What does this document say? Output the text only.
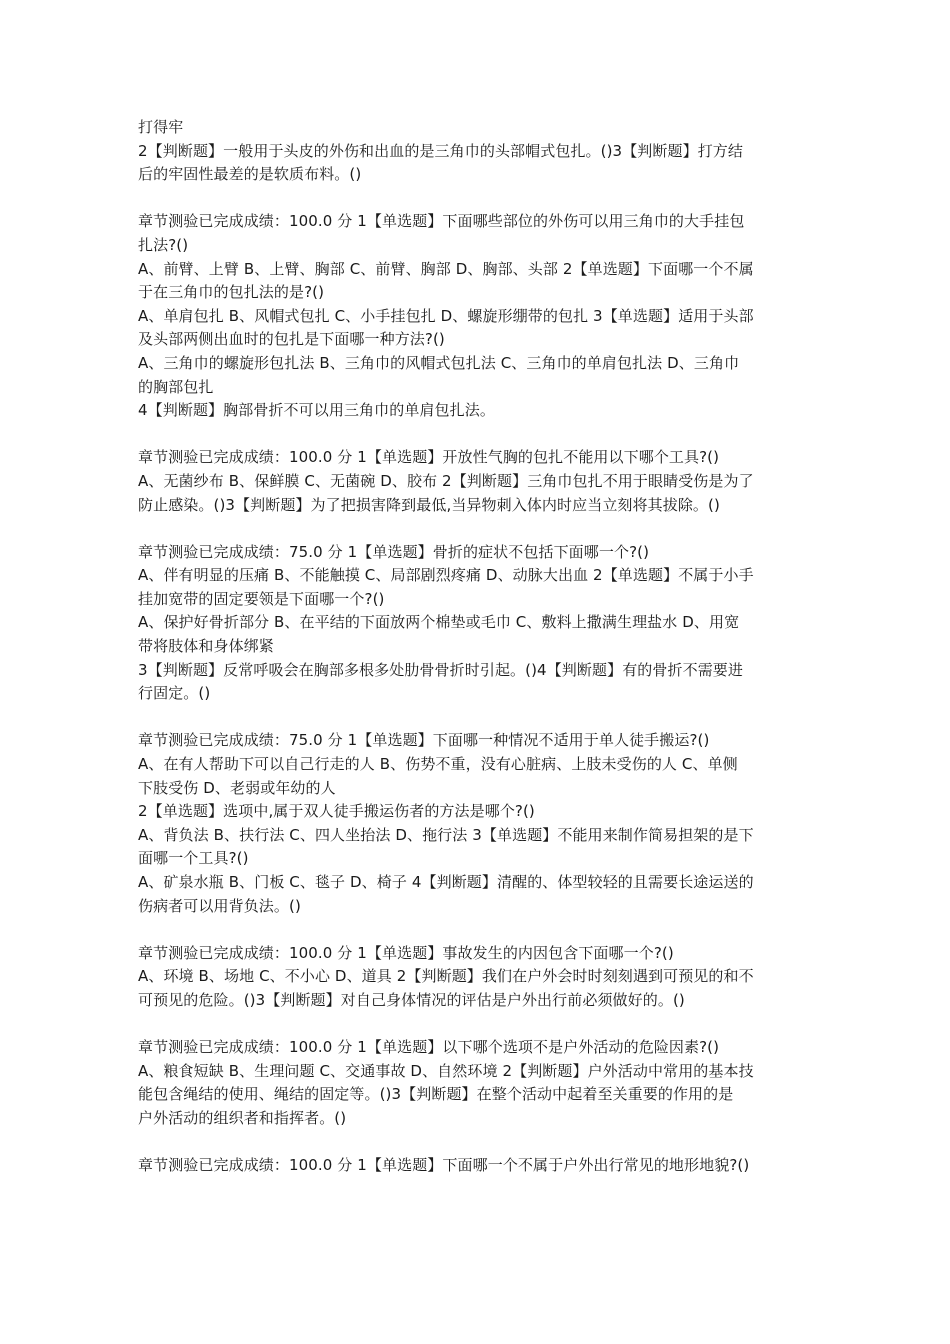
打得牢
2【判断题】一般用于头皮的外伤和出血的是三角巾的头部帽式包扎。()3【判断题】打方结
后的牢固性最差的是软质布料。()
章节测验已完成成绩：100.0 分 1【单选题】下面哪些部位的外伤可以用三角巾的大手挂包
扎法?()
A、前臂、上臂 B、上臂、胸部 C、前臂、胸部 D、胸部、头部 2【单选题】下面哪一个不属
于在三角巾的包扎法的是?()
A、单肩包扎 B、风帽式包扎 C、小手挂包扎 D、螺旋形绷带的包扎 3【单选题】适用于头部
及头部两侧出血时的包扎是下面哪一种方法?()
A、三角巾的螺旋形包扎法 B、三角巾的风帽式包扎法 C、三角巾的单肩包扎法 D、三角巾
的胸部包扎
4【判断题】胸部骨折不可以用三角巾的单肩包扎法。
章节测验已完成成绩：100.0 分 1【单选题】开放性气胸的包扎不能用以下哪个工具?()
A、无菌纱布 B、保鲜膜 C、无菌碗 D、胶布 2【判断题】三角巾包扎不用于眼睛受伤是为了
防止感染。()3【判断题】为了把损害降到最低,当异物刺入体内时应当立刻将其拔除。()
章节测验已完成成绩：75.0 分 1【单选题】骨折的症状不包括下面哪一个?()
A、伴有明显的压痛 B、不能触摸 C、局部剧烈疼痛 D、动脉大出血 2【单选题】不属于小手
挂加宽带的固定要领是下面哪一个?()
A、保护好骨折部分 B、在平结的下面放两个棉垫或毛巾 C、敷料上撒满生理盐水 D、用宽
带将肢体和身体绑紧
3【判断题】反常呼吸会在胸部多根多处肋骨骨折时引起。()4【判断题】有的骨折不需要进
行固定。()
章节测验已完成成绩：75.0 分 1【单选题】下面哪一种情况不适用于单人徒手搬运?()
A、在有人帮助下可以自己行走的人 B、伤势不重，没有心脏病、上肢未受伤的人 C、单侧
下肢受伤 D、老弱或年幼的人
2【单选题】选项中,属于双人徒手搬运伤者的方法是哪个?()
A、背负法 B、扶行法 C、四人坐抬法 D、拖行法 3【单选题】不能用来制作简易担架的是下
面哪一个工具?()
A、矿泉水瓶 B、门板 C、毯子 D、椅子 4【判断题】清醒的、体型较轻的且需要长途运送的
伤病者可以用背负法。()
章节测验已完成成绩：100.0 分 1【单选题】事故发生的内因包含下面哪一个?()
A、环境 B、场地 C、不小心 D、道具 2【判断题】我们在户外会时时刻刻遇到可预见的和不
可预见的危险。()3【判断题】对自己身体情况的评估是户外出行前必须做好的。()
章节测验已完成成绩：100.0 分 1【单选题】以下哪个选项不是户外活动的危险因素?()
A、粮食短缺 B、生理问题 C、交通事故 D、自然环境 2【判断题】户外活动中常用的基本技
能包含绳结的使用、绳结的固定等。()3【判断题】在整个活动中起着至关重要的作用的是
户外活动的组织者和指挥者。()
章节测验已完成成绩：100.0 分 1【单选题】下面哪一个不属于户外出行常见的地形地貌?()
